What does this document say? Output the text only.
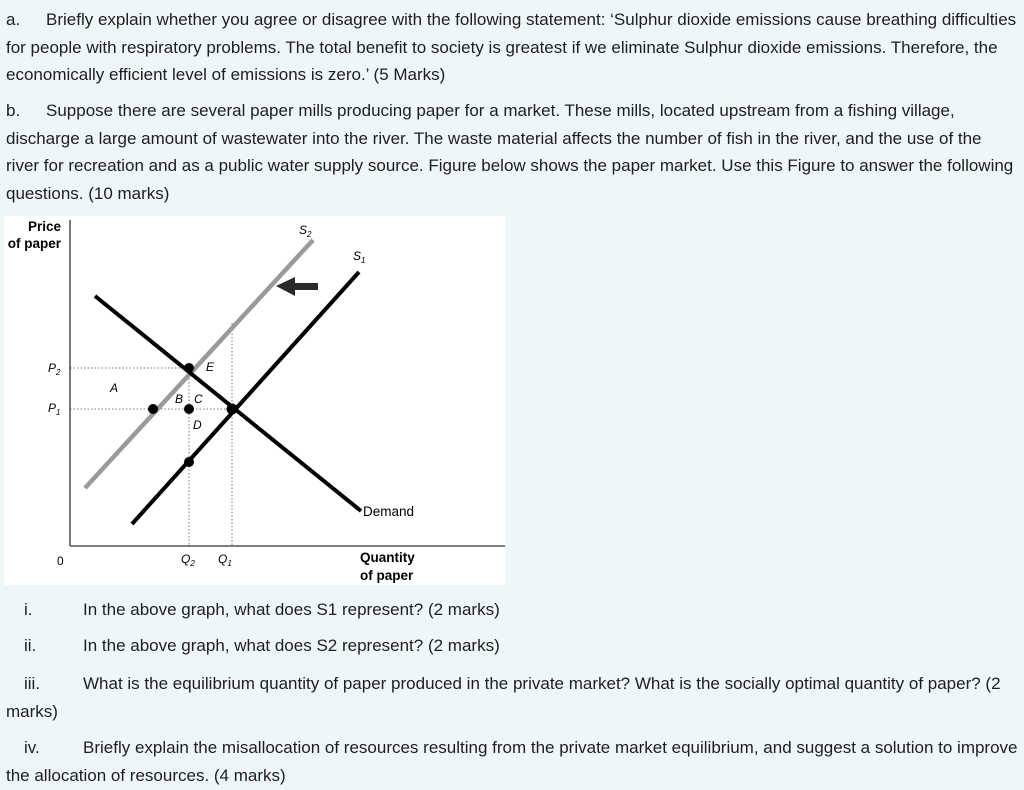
a. Briefly explain whether you agree or disagree with the following statement: ‘Sulphur dioxide emissions cause breathing difficulties for people with respiratory problems. The total benefit to society is greatest if we eliminate Sulphur dioxide emissions. Therefore, the economically efficient level of emissions is zero.’ (5 Marks)
b. Suppose there are several paper mills producing paper for a market. These mills, located upstream from a fishing village, discharge a large amount of wastewater into the river. The waste material affects the number of fish in the river, and the use of the river for recreation and as a public water supply source. Figure below shows the paper market. Use this Figure to answer the following questions. (10 marks)
Price
of paper
$P_2$
$P_1$
0	$Q_2$ $Q_1$	Quantity
of paper
Demand
$S_1$
$S_2$
A
B C
D
E
i.	In the above graph, what does S1 represent? (2 marks)
ii.	In the above graph, what does S2 represent? (2 marks)
iii.	What is the equilibrium quantity of paper produced in the private market? What is the socially optimal quantity of paper? (2 marks)
iv.	Briefly explain the misallocation of resources resulting from the private market equilibrium, and suggest a solution to improve the allocation of resources. (4 marks)
